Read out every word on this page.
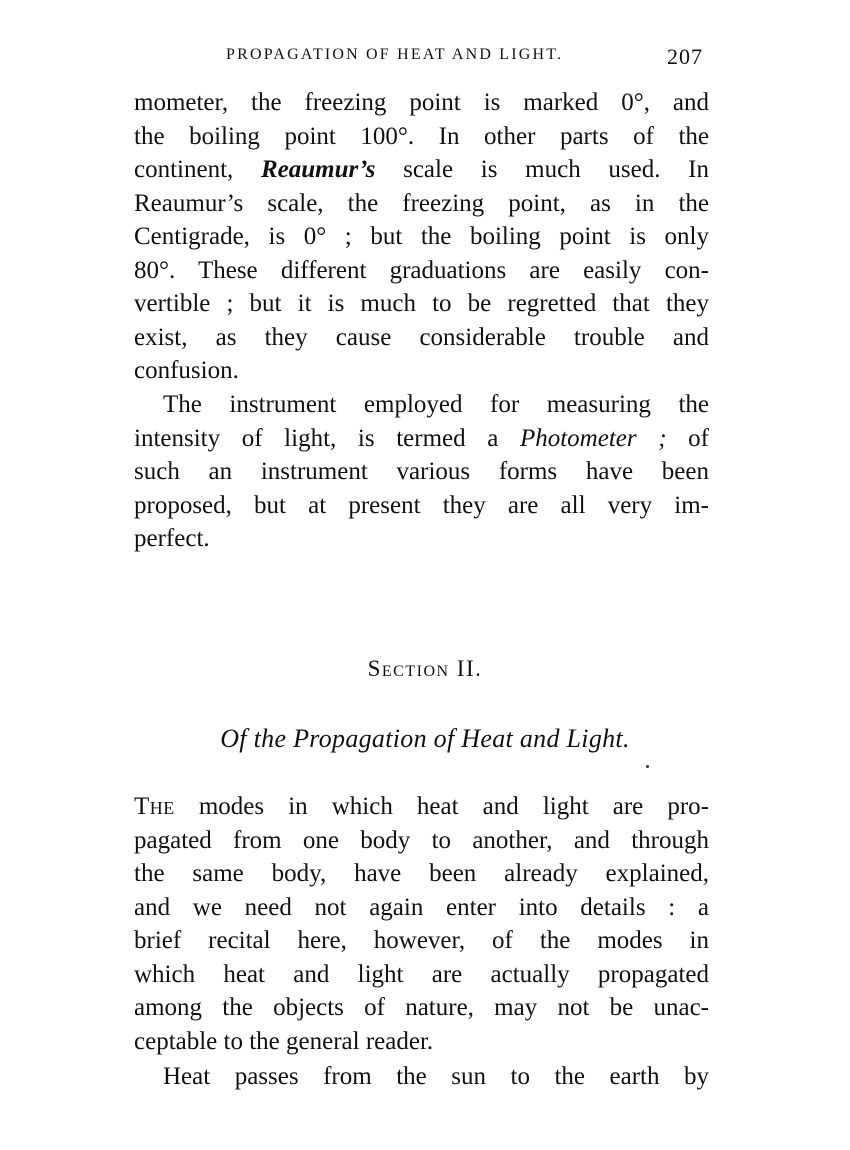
PROPAGATION OF HEAT AND LIGHT.	207
mometer, the freezing point is marked 0°, and
the boiling point 100°. In other parts of the
continent, Reaumur’s scale is much used. In
Reaumur’s scale, the freezing point, as in the
Centigrade, is 0° ; but the boiling point is only
80°. These different graduations are easily con-
vertible ; but it is much to be regretted that they
exist, as they cause considerable trouble and
confusion.
The instrument employed for measuring the
intensity of light, is termed a Photometer ; of
such an instrument various forms have been
proposed, but at present they are all very im-
perfect.
Section II.
Of the Propagation of Heat and Light.
The modes in which heat and light are pro-
pagated from one body to another, and through
the same body, have been already explained,
and we need not again enter into details : a
brief recital here, however, of the modes in
which heat and light are actually propagated
among the objects of nature, may not be unac-
ceptable to the general reader.
Heat passes from the sun to the earth by
